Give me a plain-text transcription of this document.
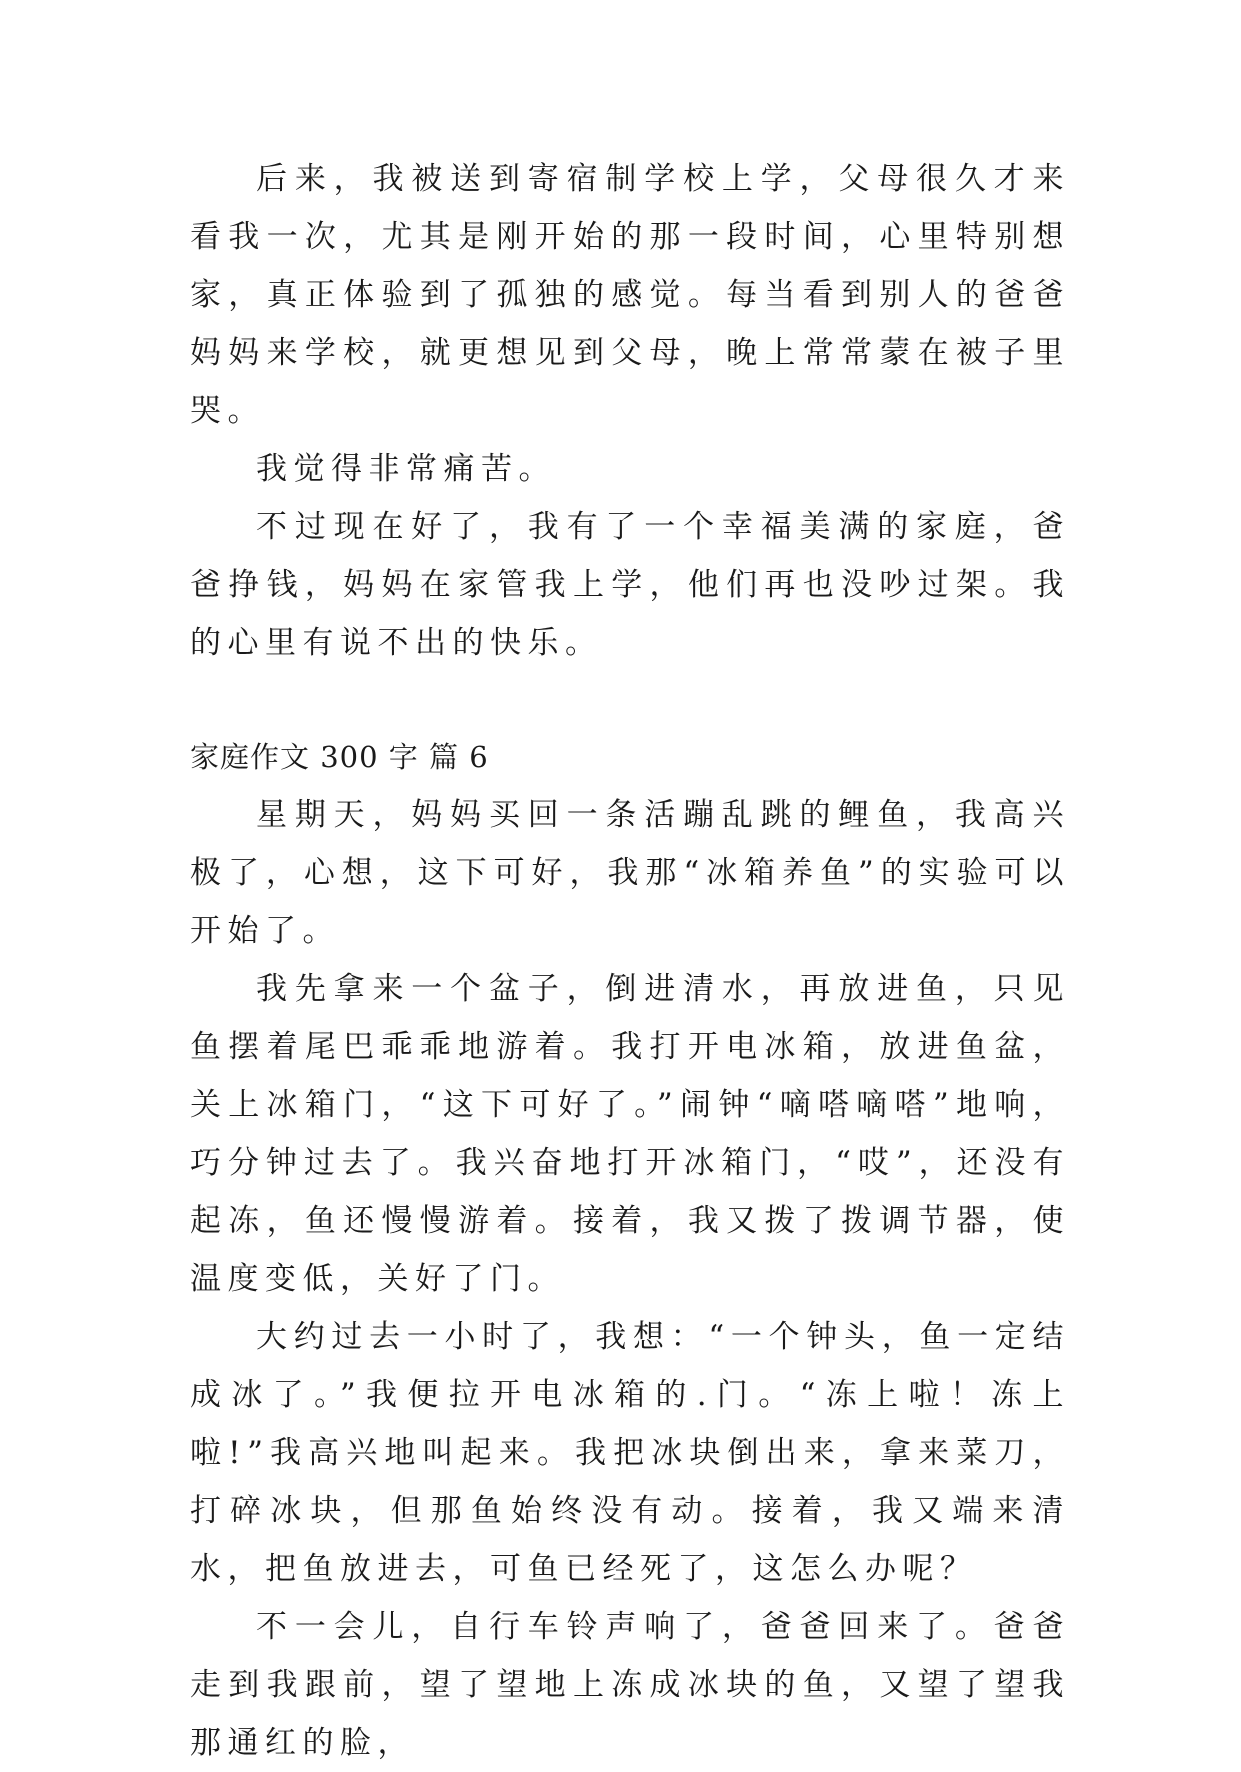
后来，我被送到寄宿制学校上学，父母很久才来看我一次，尤其是刚开始的那一段时间，心里特别想家，真正体验到了孤独的感觉。每当看到别人的爸爸妈妈来学校，就更想见到父母，晚上常常蒙在被子里哭。

我觉得非常痛苦。

不过现在好了，我有了一个幸福美满的家庭，爸爸挣钱，妈妈在家管我上学，他们再也没吵过架。我的心里有说不出的快乐。

家庭作文 300 字 篇 6

星期天，妈妈买回一条活蹦乱跳的鲤鱼，我高兴极了，心想，这下可好，我那“冰箱养鱼”的实验可以开始了。

我先拿来一个盆子，倒进清水，再放进鱼，只见鱼摆着尾巴乖乖地游着。我打开电冰箱，放进鱼盆，关上冰箱门，“这下可好了。”闹钟“嘀嗒嘀嗒”地响，巧分钟过去了。我兴奋地打开冰箱门，“哎”，还没有起冻，鱼还慢慢游着。接着，我又拨了拨调节器，使温度变低，关好了门。

大约过去一小时了，我想：“一个钟头，鱼一定结成冰了。”我便拉开电冰箱的.门。“冻上啦！冻上啦!”我高兴地叫起来。我把冰块倒出来，拿来菜刀，打碎冰块，但那鱼始终没有动。接着，我又端来清水，把鱼放进去，可鱼已经死了，这怎么办呢？

不一会儿，自行车铃声响了，爸爸回来了。爸爸走到我跟前，望了望地上冻成冰块的鱼，又望了望我那通红的脸，
